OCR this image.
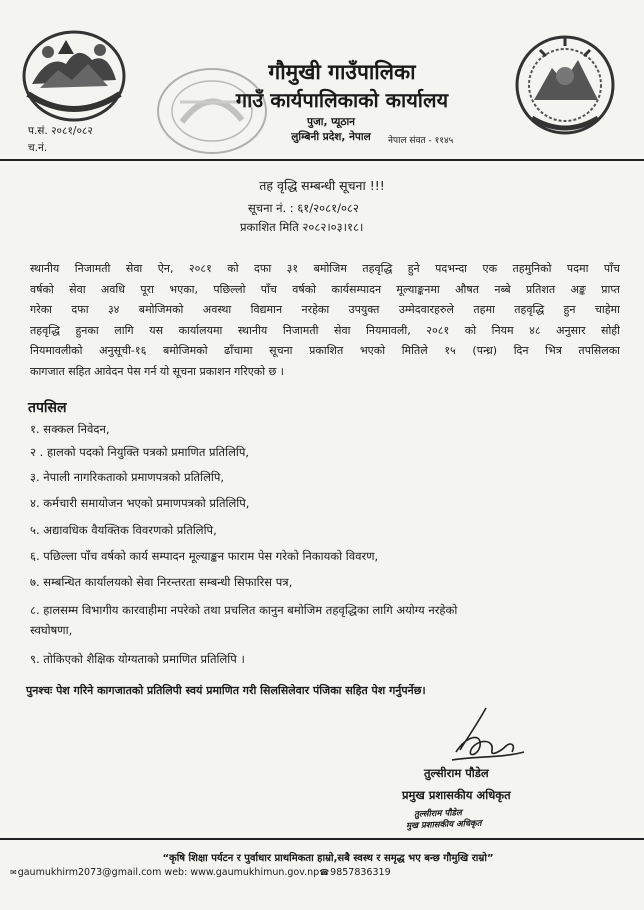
गौमुखी गाउँपालिका
गाउँ कार्यपालिकाको कार्यालय
पुजा, प्यूठान
लुम्बिनी प्रदेश, नेपाल
प.सं. २०८१/०८२
च.नं.
नेपाल संवत - ११४५
तह वृद्धि सम्बन्धी सूचना !!!
सूचना नं. : ६१/२०८१/०८२
प्रकाशित मिति २०८२।०३।१८।
स्थानीय निजामती सेवा ऐन, २०८१ को दफा ३१ बमोजिम तहवृद्धि हुने पदभन्दा एक तहमुनिको पदमा पाँच
वर्षको सेवा अवधि पूरा भएका, पछिल्लो पाँच वर्षको कार्यसम्पादन मूल्याङ्कनमा औषत नब्बे प्रतिशत अङ्क प्राप्त
गरेका दफा ३४ बमोजिमको अवस्था विद्यमान नरहेका उपयुक्त उम्मेदवारहरुले तहमा तहवृद्धि हुन चाहेमा
तहवृद्धि हुनका लागि यस कार्यालयमा स्थानीय निजामती सेवा नियमावली, २०८१ को नियम ४८ अनुसार सोही
नियमावलीको अनुसूची-१६ बमोजिमको ढाँचामा सूचना प्रकाशित भएको मितिले १५ (पन्ध्र) दिन भित्र तपसिलका
कागजात सहित आवेदन पेस गर्न यो सूचना प्रकाशन गरिएको छ ।
तपसिल
१. सक्कल निवेदन,
२ . हालको पदको नियुक्ति पत्रको प्रमाणित प्रतिलिपि,
३. नेपाली नागरिकताको प्रमाणपत्रको प्रतिलिपि,
४. कर्मचारी समायोजन भएको प्रमाणपत्रको प्रतिलिपि,
५. अद्यावधिक वैयक्तिक विवरणको प्रतिलिपि,
६. पछिल्ला पाँच वर्षको कार्य सम्पादन मूल्याङ्कन फाराम पेस गरेको निकायको विवरण,
७. सम्बन्धित कार्यालयको सेवा निरन्तरता सम्बन्धी सिफारिस पत्र,
८. हालसम्म विभागीय कारवाहीमा नपरेको तथा प्रचलित कानुन बमोजिम तहवृद्धिका लागि अयोग्य नरहेको
स्वघोषणा,
९. तोकिएको शैक्षिक योग्यताको प्रमाणित प्रतिलिपि ।
पुनश्चः पेश गरिने कागजातको प्रतिलिपी स्वयं प्रमाणित गरी सिलसिलेवार पंजिका सहित पेश गर्नुपर्नेछ।
तुल्सीराम पौडेल
प्रमुख प्रशासकीय अधिकृत
तुल्सीराम पौडेल
मुख प्रशासकीय अधिकृत
“कृषि शिक्षा पर्यटन र पुर्वाधार प्राथमिकता हाम्रो,सबै स्वस्थ र समृद्ध भए बन्छ गौमुखि राम्रो”
✉gaumukhirm2073@gmail.com web: www.gaumukhimun.gov.np☎9857836319
